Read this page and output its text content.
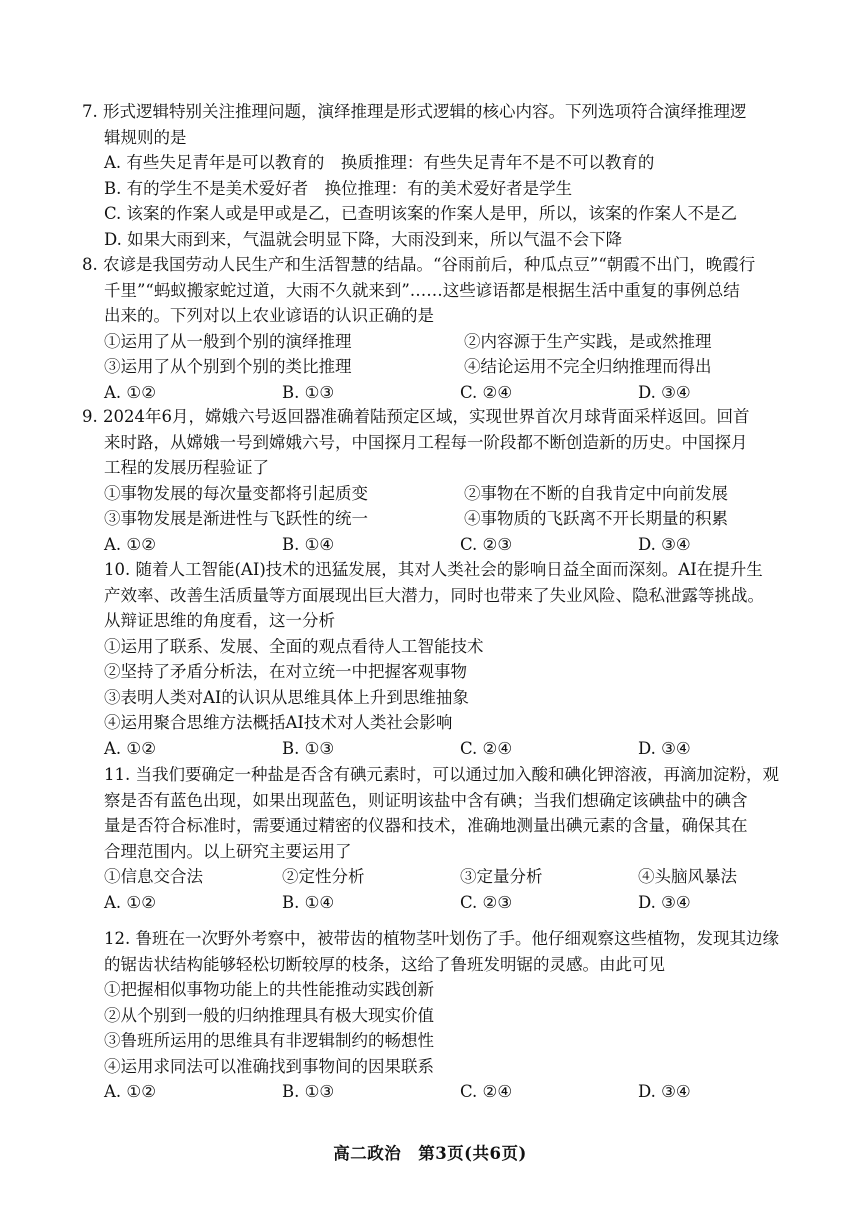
7. 形式逻辑特别关注推理问题，演绎推理是形式逻辑的核心内容。下列选项符合演绎推理逻
辑规则的是
A. 有些失足青年是可以教育的　换质推理：有些失足青年不是不可以教育的
B. 有的学生不是美术爱好者　换位推理：有的美术爱好者是学生
C. 该案的作案人或是甲或是乙，已查明该案的作案人是甲，所以，该案的作案人不是乙
D. 如果大雨到来，气温就会明显下降，大雨没到来，所以气温不会下降
8. 农谚是我国劳动人民生产和生活智慧的结晶。“谷雨前后，种瓜点豆”“朝霞不出门，晚霞行
千里”“蚂蚁搬家蛇过道，大雨不久就来到”……这些谚语都是根据生活中重复的事例总结
出来的。下列对以上农业谚语的认识正确的是
①运用了从一般到个别的演绎推理	②内容源于生产实践，是或然推理
③运用了从个别到个别的类比推理	④结论运用不完全归纳推理而得出
A. ①②	B. ①③	C. ②④	D. ③④
9. 2024年6月，嫦娥六号返回器准确着陆预定区域，实现世界首次月球背面采样返回。回首
来时路，从嫦娥一号到嫦娥六号，中国探月工程每一阶段都不断创造新的历史。中国探月
工程的发展历程验证了
①事物发展的每次量变都将引起质变	②事物在不断的自我肯定中向前发展
③事物发展是渐进性与飞跃性的统一	④事物质的飞跃离不开长期量的积累
A. ①②	B. ①④	C. ②③	D. ③④
10. 随着人工智能(AI)技术的迅猛发展，其对人类社会的影响日益全面而深刻。AI在提升生
产效率、改善生活质量等方面展现出巨大潜力，同时也带来了失业风险、隐私泄露等挑战。
从辩证思维的角度看，这一分析
①运用了联系、发展、全面的观点看待人工智能技术
②坚持了矛盾分析法，在对立统一中把握客观事物
③表明人类对AI的认识从思维具体上升到思维抽象
④运用聚合思维方法概括AI技术对人类社会影响
A. ①②	B. ①③	C. ②④	D. ③④
11. 当我们要确定一种盐是否含有碘元素时，可以通过加入酸和碘化钾溶液，再滴加淀粉，观
察是否有蓝色出现，如果出现蓝色，则证明该盐中含有碘；当我们想确定该碘盐中的碘含
量是否符合标准时，需要通过精密的仪器和技术，准确地测量出碘元素的含量，确保其在
合理范围内。以上研究主要运用了
①信息交合法	②定性分析	③定量分析	④头脑风暴法
A. ①②	B. ①④	C. ②③	D. ③④
12. 鲁班在一次野外考察中，被带齿的植物茎叶划伤了手。他仔细观察这些植物，发现其边缘
的锯齿状结构能够轻松切断较厚的枝条，这给了鲁班发明锯的灵感。由此可见
①把握相似事物功能上的共性能推动实践创新
②从个别到一般的归纳推理具有极大现实价值
③鲁班所运用的思维具有非逻辑制约的畅想性
④运用求同法可以准确找到事物间的因果联系
A. ①②	B. ①③	C. ②④	D. ③④
高二政治　第3页(共6页)
